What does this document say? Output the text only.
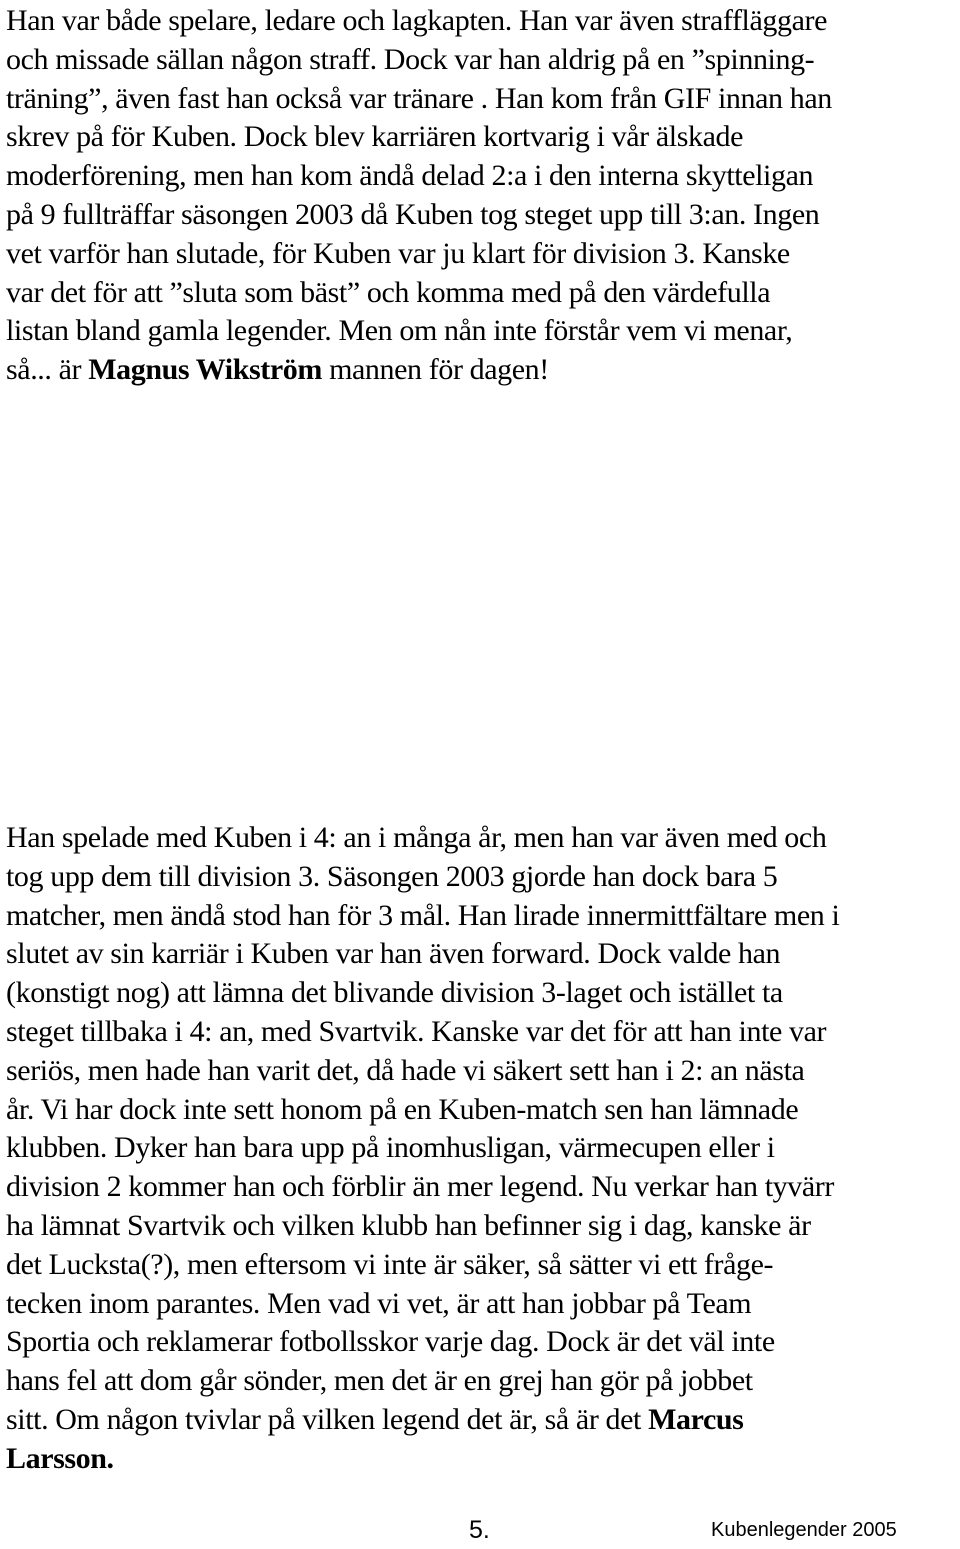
Han var både spelare, ledare och lagkapten. Han var även straffläggare
och missade sällan någon straff. Dock var han aldrig på en ”spinning-
träning”, även fast han också var tränare . Han kom från GIF innan han
skrev på för Kuben. Dock blev karriären kortvarig i vår älskade
moderförening, men han kom ändå delad 2:a i den interna skytteligan
på 9 fullträffar säsongen 2003 då Kuben tog steget upp till 3:an. Ingen
vet varför han slutade, för Kuben var ju klart för division 3. Kanske
var det för att ”sluta som bäst” och komma med på den värdefulla
listan bland gamla legender. Men om nån inte förstår vem vi menar,
så... är Magnus Wikström mannen för dagen!
Han spelade med Kuben i 4: an i många år, men han var även med och
tog upp dem till division 3. Säsongen 2003 gjorde han dock bara 5
matcher, men ändå stod han för 3 mål. Han lirade innermittfältare men i
slutet av sin karriär i Kuben var han även forward. Dock valde han
(konstigt nog) att lämna det blivande division 3-laget och istället ta
steget tillbaka i 4: an, med Svartvik. Kanske var det för att han inte var
seriös, men hade han varit det, då hade vi säkert sett han i 2: an nästa
år. Vi har dock inte sett honom på en Kuben-match sen han lämnade
klubben. Dyker han bara upp på inomhusligan, värmecupen eller i
division 2 kommer han och förblir än mer legend. Nu verkar han tyvärr
ha lämnat Svartvik och vilken klubb han befinner sig i dag, kanske är
det Lucksta(?), men eftersom vi inte är säker, så sätter vi ett fråge-
tecken inom parantes. Men vad vi vet, är att han jobbar på Team
Sportia och reklamerar fotbollsskor varje dag. Dock är det väl inte
hans fel att dom går sönder, men det är en grej han gör på jobbet
sitt. Om någon tvivlar på vilken legend det är, så är det Marcus
Larsson.
5.	Kubenlegender 2005
